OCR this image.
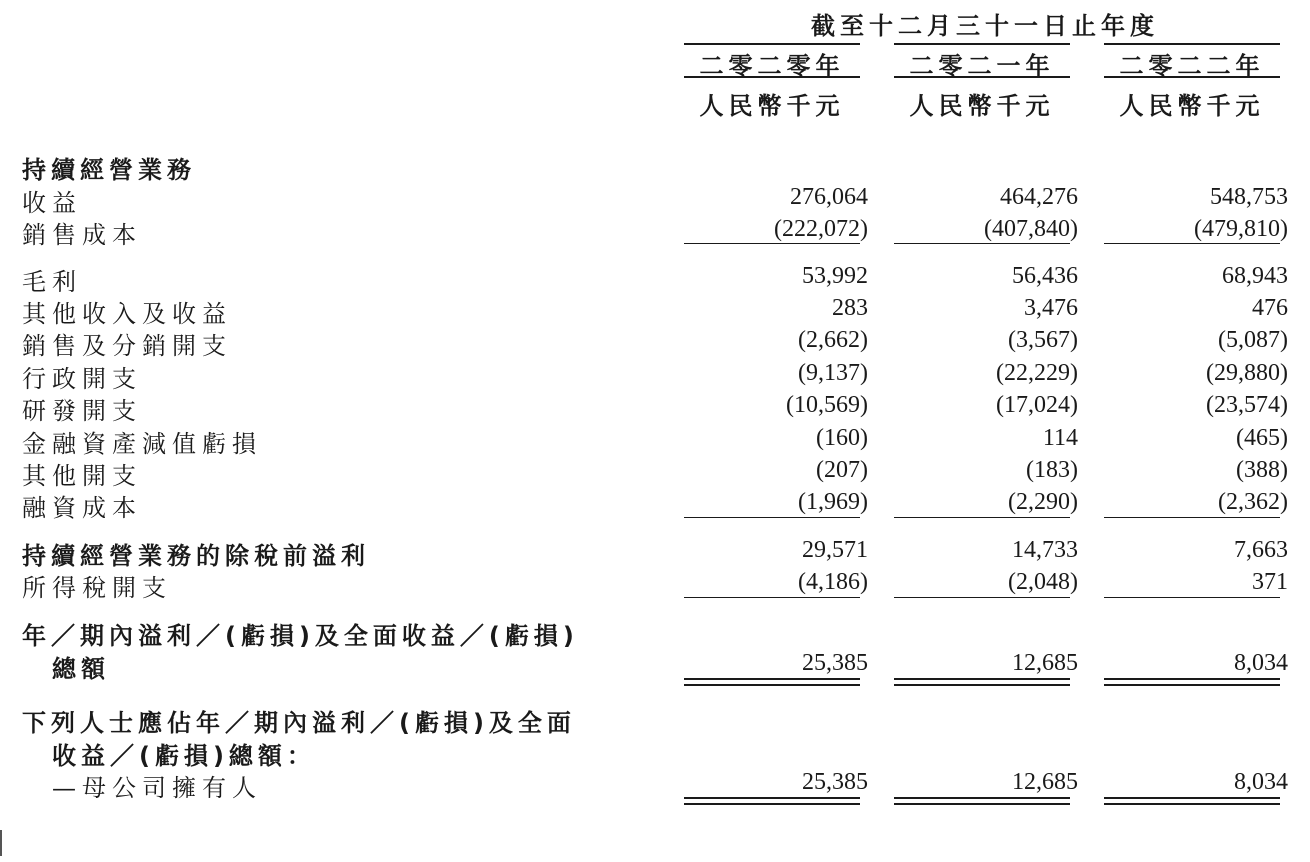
截至十二月三十一日止年度
二零二零年	二零二一年	二零二二年
人民幣千元	人民幣千元	人民幣千元
持續經營業務
收益	276,064	464,276	548,753
銷售成本	(222,072)	(407,840)	(479,810)
毛利	53,992	56,436	68,943
其他收入及收益	283	3,476	476
銷售及分銷開支	(2,662)	(3,567)	(5,087)
行政開支	(9,137)	(22,229)	(29,880)
研發開支	(10,569)	(17,024)	(23,574)
金融資產減值虧損	(160)	114	(465)
其他開支	(207)	(183)	(388)
融資成本	(1,969)	(2,290)	(2,362)
持續經營業務的除稅前溢利	29,571	14,733	7,663
所得稅開支	(4,186)	(2,048)	371
年／期內溢利／(虧損)及全面收益／(虧損)
總額	25,385	12,685	8,034
下列人士應佔年／期內溢利／(虧損)及全面
收益／(虧損)總額：
—母公司擁有人	25,385	12,685	8,034
